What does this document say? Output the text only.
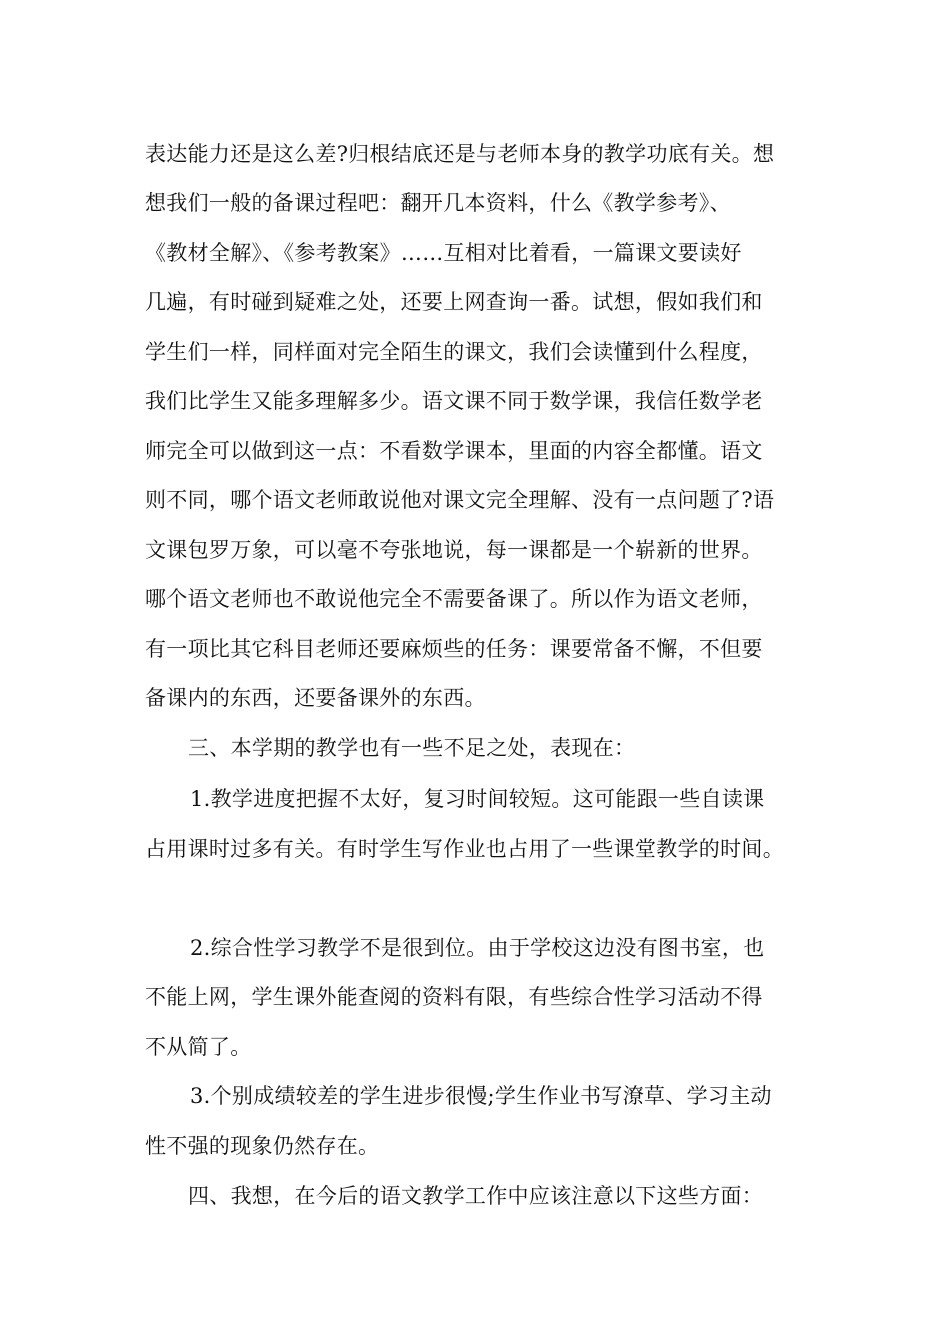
表达能力还是这么差?归根结底还是与老师本身的教学功底有关。想
想我们一般的备课过程吧：翻开几本资料，什么《教学参考》、
《教材全解》、《参考教案》……互相对比着看，一篇课文要读好
几遍，有时碰到疑难之处，还要上网查询一番。试想，假如我们和
学生们一样，同样面对完全陌生的课文，我们会读懂到什么程度，
我们比学生又能多理解多少。语文课不同于数学课，我信任数学老
师完全可以做到这一点：不看数学课本，里面的内容全都懂。语文
则不同，哪个语文老师敢说他对课文完全理解、没有一点问题了?语
文课包罗万象，可以毫不夸张地说，每一课都是一个崭新的世界。
哪个语文老师也不敢说他完全不需要备课了。所以作为语文老师，
有一项比其它科目老师还要麻烦些的任务：课要常备不懈，不但要
备课内的东西，还要备课外的东西。
三、本学期的教学也有一些不足之处，表现在：
1.教学进度把握不太好，复习时间较短。这可能跟一些自读课
占用课时过多有关。有时学生写作业也占用了一些课堂教学的时间。
2.综合性学习教学不是很到位。由于学校这边没有图书室，也
不能上网，学生课外能查阅的资料有限，有些综合性学习活动不得
不从简了。
3.个别成绩较差的学生进步很慢;学生作业书写潦草、学习主动
性不强的现象仍然存在。
四、我想，在今后的语文教学工作中应该注意以下这些方面：
